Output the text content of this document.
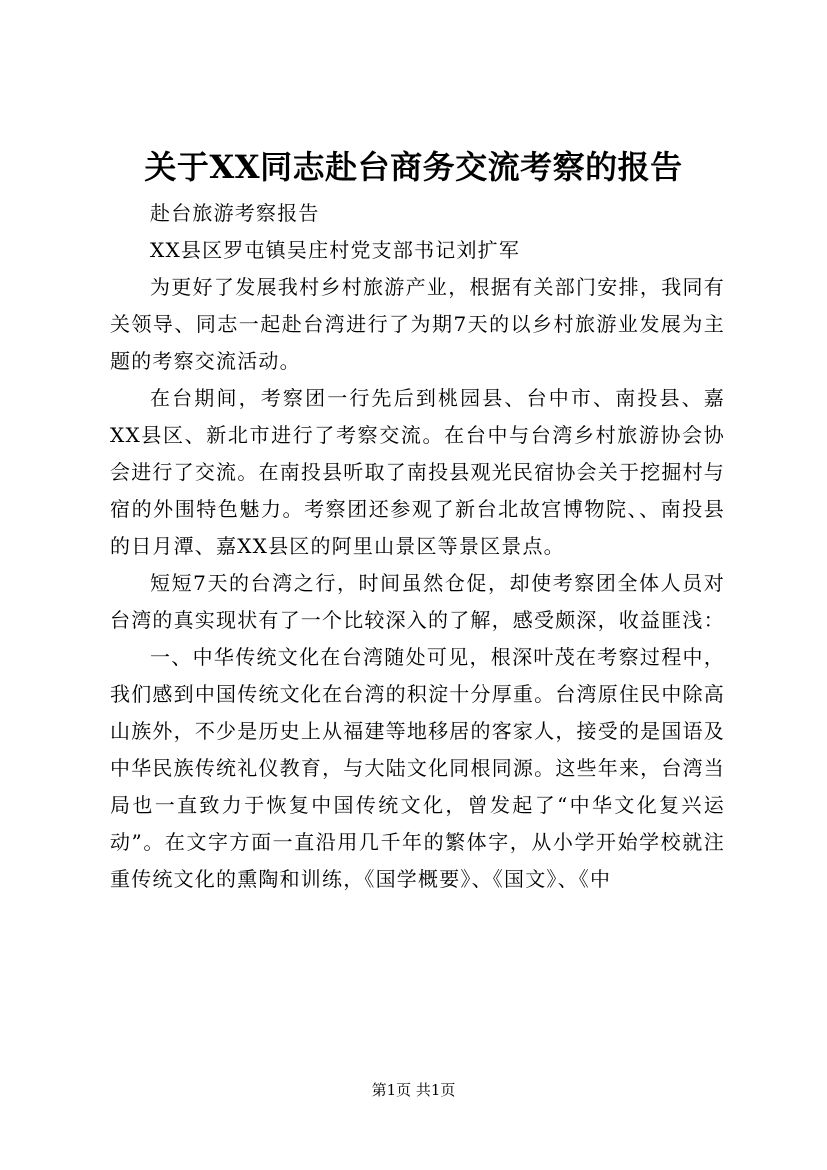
关于XX同志赴台商务交流考察的报告

赴台旅游考察报告

XX县区罗屯镇吴庄村党支部书记刘扩军

为更好了发展我村乡村旅游产业，根据有关部门安排，我同有关领导、同志一起赴台湾进行了为期7天的以乡村旅游业发展为主题的考察交流活动。

在台期间，考察团一行先后到桃园县、台中市、南投县、嘉XX县区、新北市进行了考察交流。在台中与台湾乡村旅游协会协会进行了交流。在南投县听取了南投县观光民宿协会关于挖掘村与宿的外围特色魅力。考察团还参观了新台北故宫博物院、、南投县的日月潭、嘉XX县区的阿里山景区等景区景点。

短短7天的台湾之行，时间虽然仓促，却使考察团全体人员对台湾的真实现状有了一个比较深入的了解，感受颇深，收益匪浅：

一、中华传统文化在台湾随处可见，根深叶茂在考察过程中，我们感到中国传统文化在台湾的积淀十分厚重。台湾原住民中除高山族外，不少是历史上从福建等地移居的客家人，接受的是国语及中华民族传统礼仪教育，与大陆文化同根同源。这些年来，台湾当局也一直致力于恢复中国传统文化，曾发起了“中华文化复兴运动”。在文字方面一直沿用几千年的繁体字，从小学开始学校就注重传统文化的熏陶和训练，《国学概要》、《国文》、《中

第1页 共1页
